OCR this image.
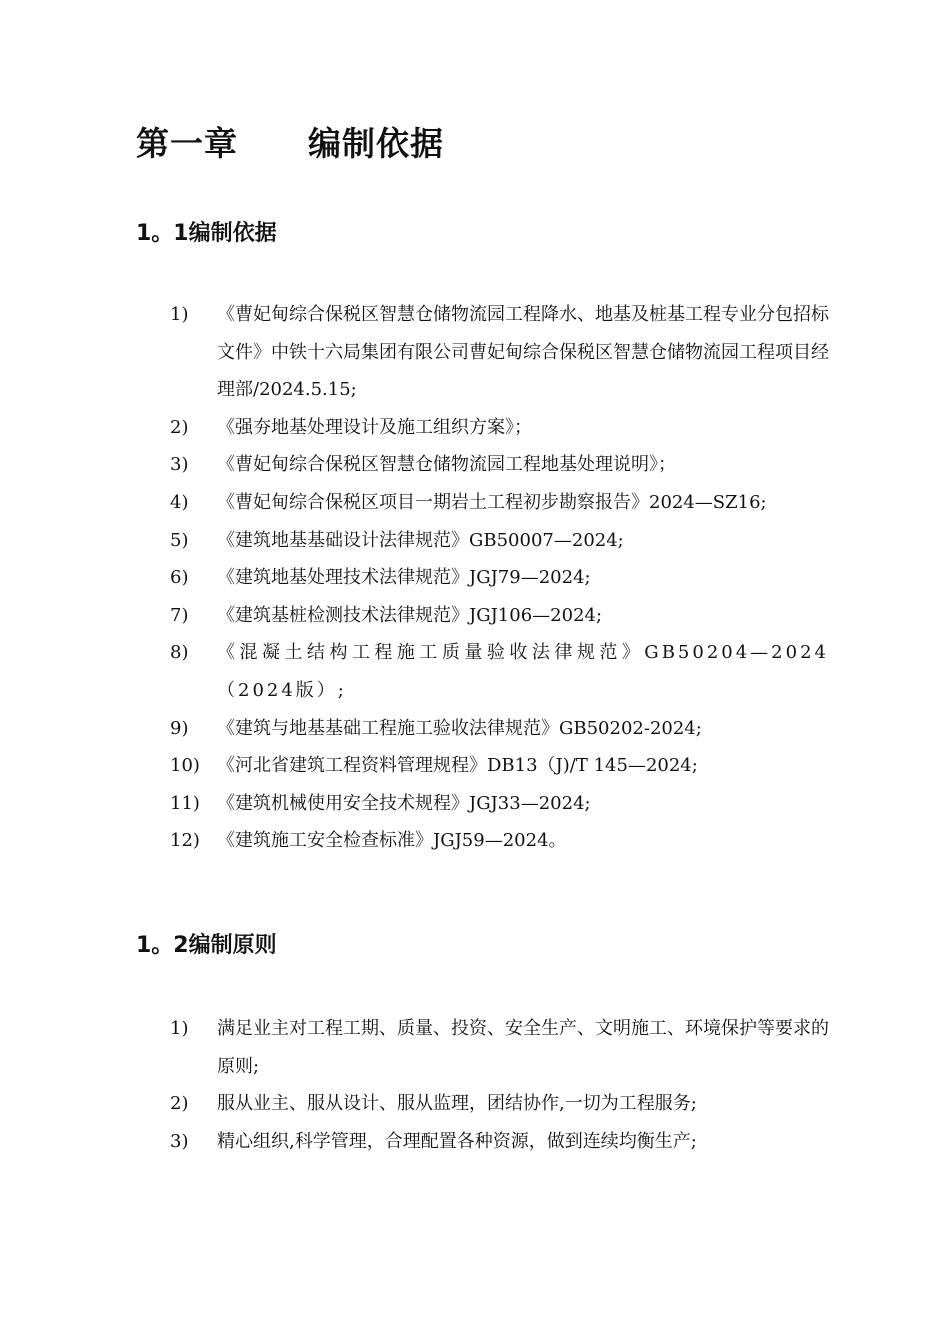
第一章 编制依据
1。1编制依据
1) 《曹妃甸综合保税区智慧仓储物流园工程降水、地基及桩基工程专业分包招标文件》中铁十六局集团有限公司曹妃甸综合保税区智慧仓储物流园工程项目经理部/2024.5.15;
2) 《强夯地基处理设计及施工组织方案》；
3) 《曹妃甸综合保税区智慧仓储物流园工程地基处理说明》；
4) 《曹妃甸综合保税区项目一期岩土工程初步勘察报告》2024—SZ16;
5) 《建筑地基基础设计法律规范》GB50007—2024;
6) 《建筑地基处理技术法律规范》JGJ79—2024;
7) 《建筑基桩检测技术法律规范》JGJ106—2024;
8) 《混凝土结构工程施工质量验收法律规范》GB50204—2024（2024版）;
9) 《建筑与地基基础工程施工验收法律规范》GB50202-2024;
10) 《河北省建筑工程资料管理规程》DB13（J)/T 145—2024;
11) 《建筑机械使用安全技术规程》JGJ33—2024;
12) 《建筑施工安全检查标准》JGJ59—2024。
1。2编制原则
1) 满足业主对工程工期、质量、投资、安全生产、文明施工、环境保护等要求的原则;
2) 服从业主、服从设计、服从监理，团结协作,一切为工程服务;
3) 精心组织,科学管理，合理配置各种资源，做到连续均衡生产;
